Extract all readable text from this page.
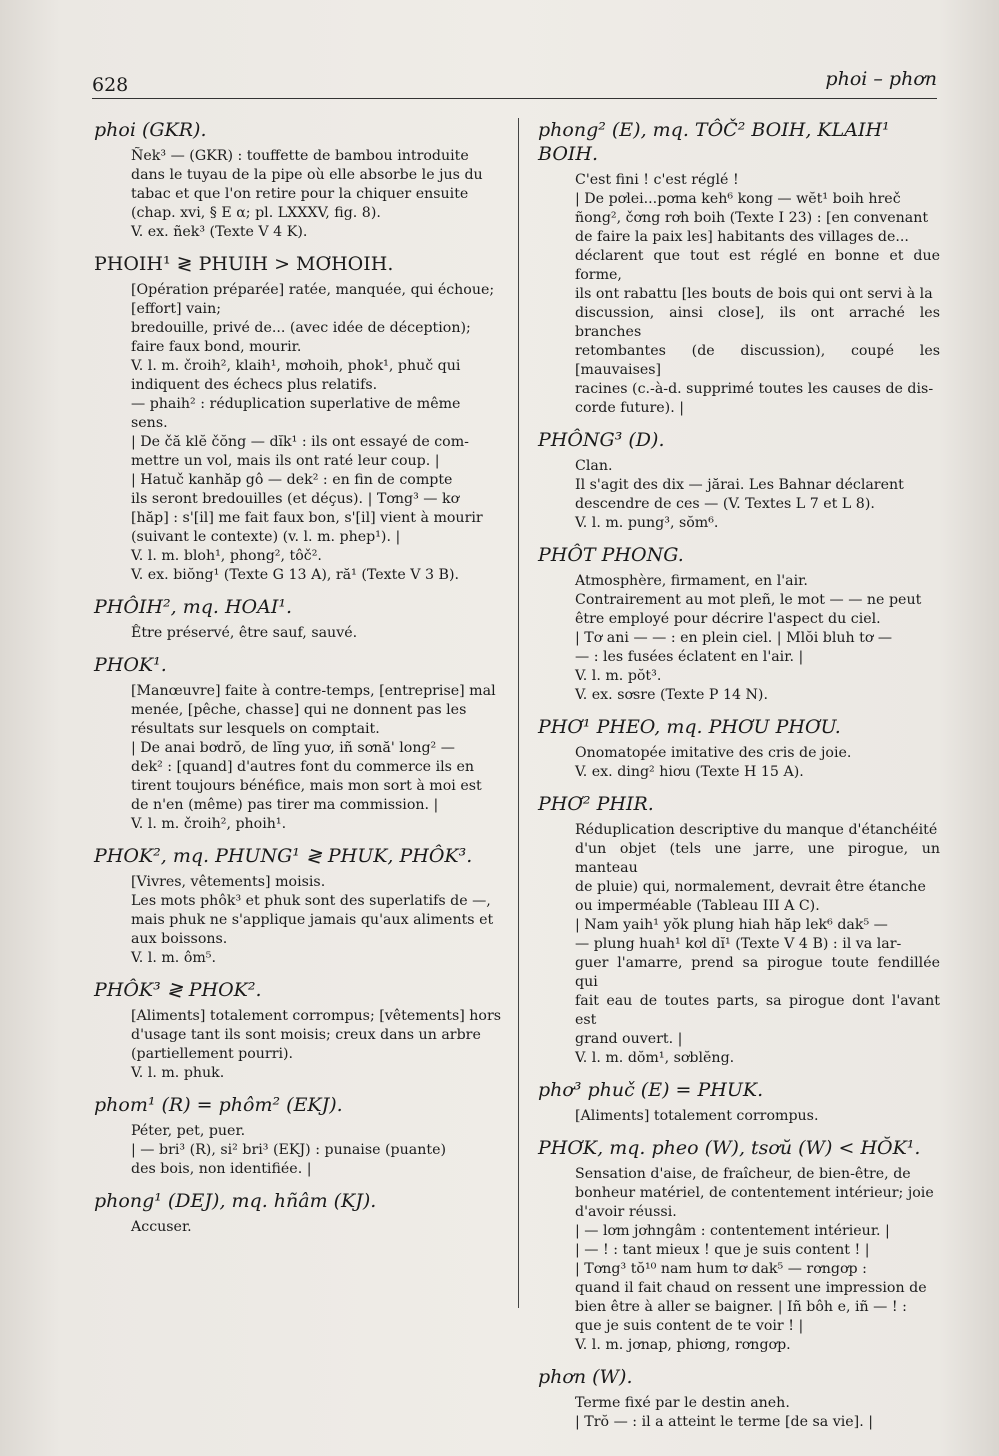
628	phoi – phơn
phoi (GKR).
Ñek³ — (GKR) : touffette de bambou introduite
dans le tuyau de la pipe où elle absorbe le jus du
tabac et que l'on retire pour la chiquer ensuite
(chap. xvi, § E α; pl. LXXXV, fig. 8).
V. ex. ñek³ (Texte V 4 K).
PHOIH¹ ≷ PHUIH > MƠHOIH.
[Opération préparée] ratée, manquée, qui échoue;
[effort] vain;
bredouille, privé de... (avec idée de déception);
faire faux bond, mourir.
V. l. m. čroih², klaih¹, mơhoih, phok¹, phuč qui
indiquent des échecs plus relatifs.
— phaih² : réduplication superlative de même
sens.
| De čă klĕ čŏng — dĭk¹ : ils ont essayé de com-
mettre un vol, mais ils ont raté leur coup. |
| Hatuč kanhăp gô — dek² : en fin de compte
ils seront bredouilles (et déçus). | Tơng³ — kơ
[hăp] : s'[il] me fait faux bon, s'[il] vient à mourir
(suivant le contexte) (v. l. m. phep¹). |
V. l. m. bloh¹, phong², tôč².
V. ex. biŏng¹ (Texte G 13 A), ră¹ (Texte V 3 B).
PHÔIH², mq. HOAI¹.
Être préservé, être sauf, sauvé.
PHOK¹.
[Manœuvre] faite à contre-temps, [entreprise] mal
menée, [pêche, chasse] qui ne donnent pas les
résultats sur lesquels on comptait.
| De anai bơdrŏ, de lĭng yuơ, iñ sơnă' long² —
dek² : [quand] d'autres font du commerce ils en
tirent toujours bénéfice, mais mon sort à moi est
de n'en (même) pas tirer ma commission. |
V. l. m. čroih², phoih¹.
PHOK², mq. PHUNG¹ ≷ PHUK, PHÔK³.
[Vivres, vêtements] moisis.
Les mots phôk³ et phuk sont des superlatifs de —,
mais phuk ne s'applique jamais qu'aux aliments et
aux boissons.
V. l. m. ôm⁵.
PHÔK³ ≷ PHOK².
[Aliments] totalement corrompus; [vêtements] hors
d'usage tant ils sont moisis; creux dans un arbre
(partiellement pourri).
V. l. m. phuk.
phom¹ (R) = phôm² (EKJ).
Péter, pet, puer.
| — bri³ (R), si² bri³ (EKJ) : punaise (puante)
des bois, non identifiée. |
phong¹ (DEJ), mq. hñâm (KJ).
Accuser.
phong² (E), mq. TÔČ² BOIH, KLAIH¹ BOIH.
C'est fini ! c'est réglé !
| De pơlei...pơma keh⁶ kong — wĕt¹ boih hreč
ñong², čơng rơh boih (Texte I 23) : [en convenant
de faire la paix les] habitants des villages de...
déclarent que tout est réglé en bonne et due forme,
ils ont rabattu [les bouts de bois qui ont servi à la
discussion, ainsi close], ils ont arraché les branches
retombantes (de discussion), coupé les [mauvaises]
racines (c.-à-d. supprimé toutes les causes de dis-
corde future). |
PHÔNG³ (D).
Clan.
Il s'agit des dix — jărai. Les Bahnar déclarent
descendre de ces — (V. Textes L 7 et L 8).
V. l. m. pung³, sŏm⁶.
PHÔT PHONG.
Atmosphère, firmament, en l'air.
Contrairement au mot pleñ, le mot — — ne peut
être employé pour décrire l'aspect du ciel.
| Tơ ani — — : en plein ciel. | Mlŏi bluh tơ —
— : les fusées éclatent en l'air. |
V. l. m. pŏt³.
V. ex. sơsre (Texte P 14 N).
PHƠ¹ PHEO, mq. PHƠU PHƠU.
Onomatopée imitative des cris de joie.
V. ex. ding² hiơu (Texte H 15 A).
PHƠ² PHIR.
Réduplication descriptive du manque d'étanchéité
d'un objet (tels une jarre, une pirogue, un manteau
de pluie) qui, normalement, devrait être étanche
ou imperméable (Tableau III A C).
| Nam yaih¹ yŏk plung hiah hăp lek⁶ dak⁵ —
— plung huah¹ kơl dĭ¹ (Texte V 4 B) : il va lar-
guer l'amarre, prend sa pirogue toute fendillée qui
fait eau de toutes parts, sa pirogue dont l'avant est
grand ouvert. |
V. l. m. dŏm¹, sơblĕng.
phơ³ phuč (E) = PHUK.
[Aliments] totalement corrompus.
PHƠK, mq. pheo (W), tsơŭ (W) < HŎK¹.
Sensation d'aise, de fraîcheur, de bien-être, de
bonheur matériel, de contentement intérieur; joie
d'avoir réussi.
| — lơm jơhngâm : contentement intérieur. |
| — ! : tant mieux ! que je suis content ! |
| Tơng³ tŏ¹⁰ nam hum tơ dak⁵ — rơngơp :
quand il fait chaud on ressent une impression de
bien être à aller se baigner. | Iñ bôh e, iñ — ! :
que je suis content de te voir ! |
V. l. m. jơnap, phiơng, rơngơp.
phơn (W).
Terme fixé par le destin aneh.
| Trŏ — : il a atteint le terme [de sa vie]. |
